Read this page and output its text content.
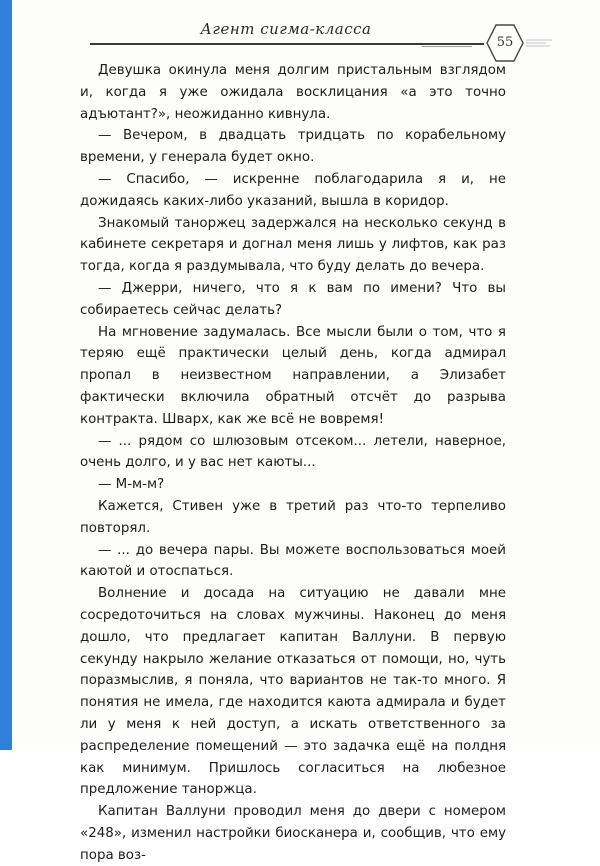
Агент сигма-класса
55

Девушка окинула меня долгим пристальным взглядом и, когда я уже ожидала восклицания «а это точно адъютант?», неожиданно кивнула.

— Вечером, в двадцать тридцать по корабельному времени, у генерала будет окно.

— Спасибо, — искренне поблагодарила я и, не дожидаясь каких-либо указаний, вышла в коридор.

Знакомый таноржец задержался на несколько секунд в кабинете секретаря и догнал меня лишь у лифтов, как раз тогда, когда я раздумывала, что буду делать до вечера.

— Джерри, ничего, что я к вам по имени? Что вы собираетесь сейчас делать?

На мгновение задумалась. Все мысли были о том, что я теряю ещё практически целый день, когда адмирал пропал в неизвестном направлении, а Элизабет фактически включила обратный отсчёт до разрыва контракта. Шварх, как же всё не вовремя!

— ... рядом со шлюзовым отсеком... летели, наверное, очень долго, и у вас нет каюты...

— М-м-м?

Кажется, Стивен уже в третий раз что-то терпеливо повторял.

— ... до вечера пары. Вы можете воспользоваться моей каютой и отоспаться.

Волнение и досада на ситуацию не давали мне сосредоточиться на словах мужчины. Наконец до меня дошло, что предлагает капитан Валлуни. В первую секунду накрыло желание отказаться от помощи, но, чуть поразмыслив, я поняла, что вариантов не так-то много. Я понятия не имела, где находится каюта адмирала и будет ли у меня к ней доступ, а искать ответственного за распределение помещений — это задачка ещё на полдня как минимум. Пришлось согласиться на любезное предложение таноржца.

Капитан Валлуни проводил меня до двери с номером «248», изменил настройки биосканера и, сообщив, что ему пора воз-
